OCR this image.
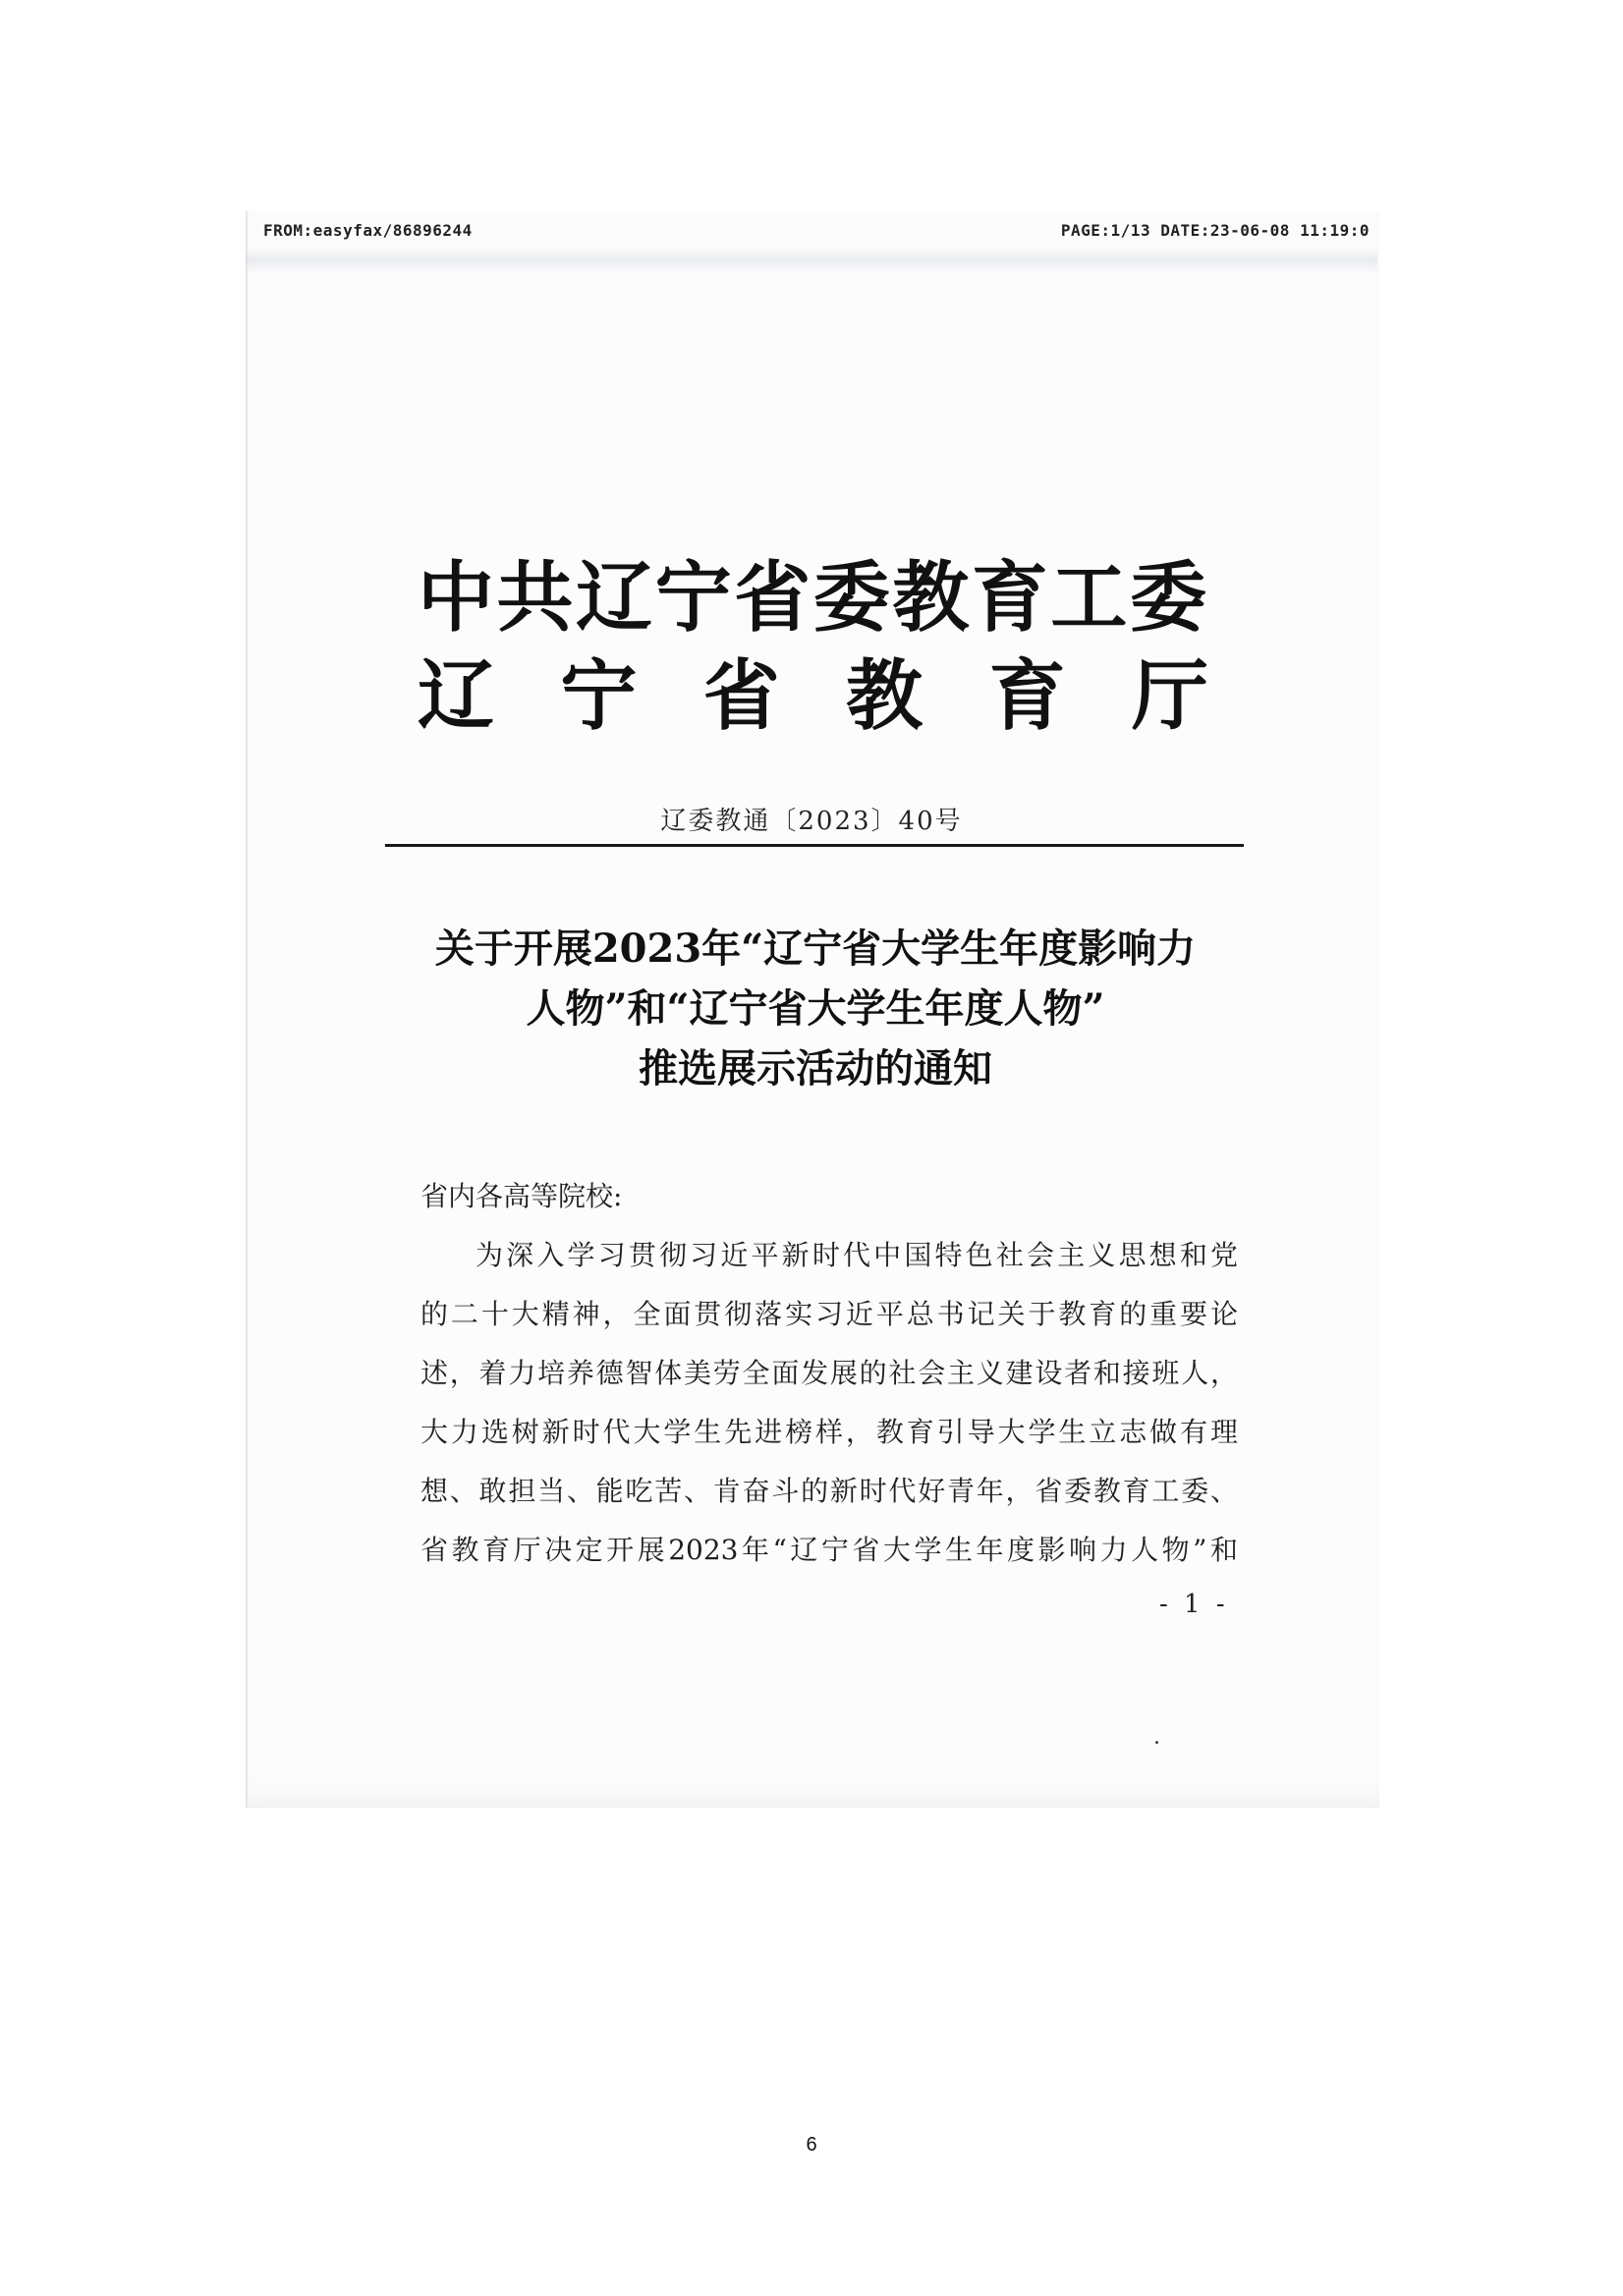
FROM:easyfax/86896244	PAGE:1/13 DATE:23-06-08 11:19:0
中共辽宁省委教育工委
辽 宁 省 教 育 厅
辽委教通〔2023〕40号
关于开展2023年“辽宁省大学生年度影响力
人物”和“辽宁省大学生年度人物”
推选展示活动的通知
省内各高等院校:
为深入学习贯彻习近平新时代中国特色社会主义思想和党
的二十大精神，全面贯彻落实习近平总书记关于教育的重要论
述，着力培养德智体美劳全面发展的社会主义建设者和接班人，
大力选树新时代大学生先进榜样，教育引导大学生立志做有理
想、敢担当、能吃苦、肯奋斗的新时代好青年，省委教育工委、
省教育厅决定开展2023年“辽宁省大学生年度影响力人物”和
- 1 -
6
